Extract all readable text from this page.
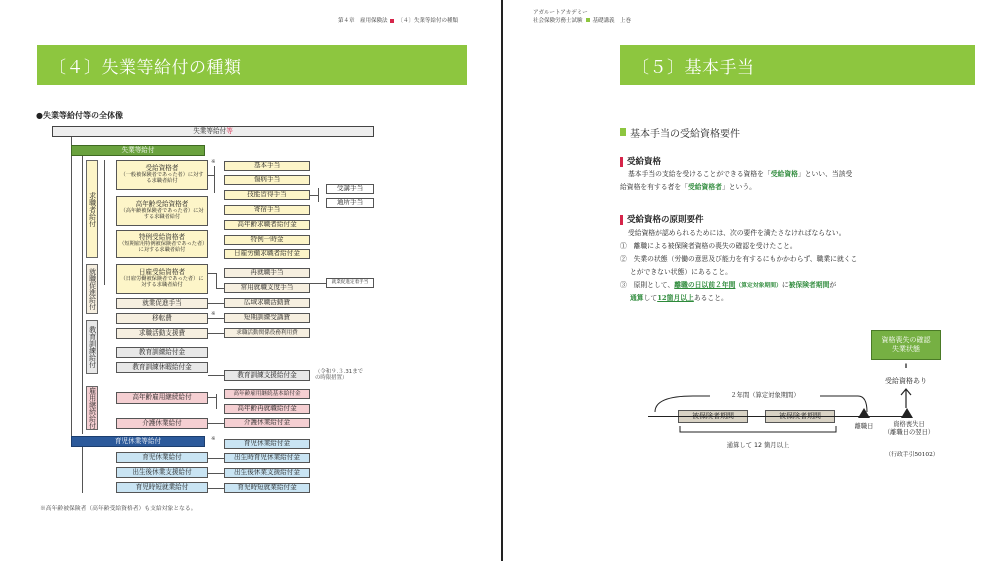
第４章　雇用保険法 〔４〕失業等給付の種類
〔４〕失業等給付の種類
●失業等給付等の全体像
失業等給付 等
失業等給付
求職者給付
就職促進給付
教育訓練給付
雇用継続給付
受給資格者
（一般被保険者であった者）に対する求職者給付
高年齢受給資格者
（高年齢被保険者であった者）に対する求職者給付
特例受給資格者
（短期雇用特例被保険者であった者）に対する求職者給付
日雇受給資格者
（日雇労働被保険者であった者）に対する求職者給付
基本手当
傷病手当
技能習得手当
寄宿手当
高年齢求職者給付金
特例一時金
日雇労働求職者給付金
受講手当
通所手当
再就職手当
常用就職支度手当
就業促進定着手当
就業促進手当
移転費
求職活動支援費
広域求職活動費
短期訓練受講費
求職活動関係役務利用費
教育訓練給付金
教育訓練休暇給付金
教育訓練支援給付金	（令和９.３.31まで の時限措置）
高年齢雇用継続給付	高年齢雇用継続基本給付金
高年齢再就職給付金
介護休業給付	介護休業給付金
育児休業等給付
育児休業給付
出生後休業支援給付
育児時短就業給付
育児休業給付金
出生時育児休業給付金
出生後休業支援給付金
育児時短就業給付金
※
※
※
※高年齢被保険者（高年齢受給資格者）も支給対象となる。
アガルートアカデミー
社会保険労務士試験 基礎講義　上巻
〔５〕基本手当
基本手当の受給資格要件
受給資格
基本手当の支給を受けることができる資格を「受給資格」といい、当該受
給資格を有する者を「受給資格者」という。
受給資格の原則要件
受給資格が認められるためには、次の要件を満たさなければならない。
①　離職による被保険者資格の喪失の確認を受けたこと。
②　失業の状態（労働の意思及び能力を有するにもかかわらず、職業に就くこ
とができない状態）にあること。
③　原則として、離職の日以前２年間（算定対象期間）に被保険者期間が
通算して12箇月以上あること。
資格喪失の確認
失業状態
Ⅱ
受給資格あり
２年間（算定対象期間）
離職日	資格喪失日
（離職日の翌日）
通算して 12 箇月以上
（行政手引50102）
